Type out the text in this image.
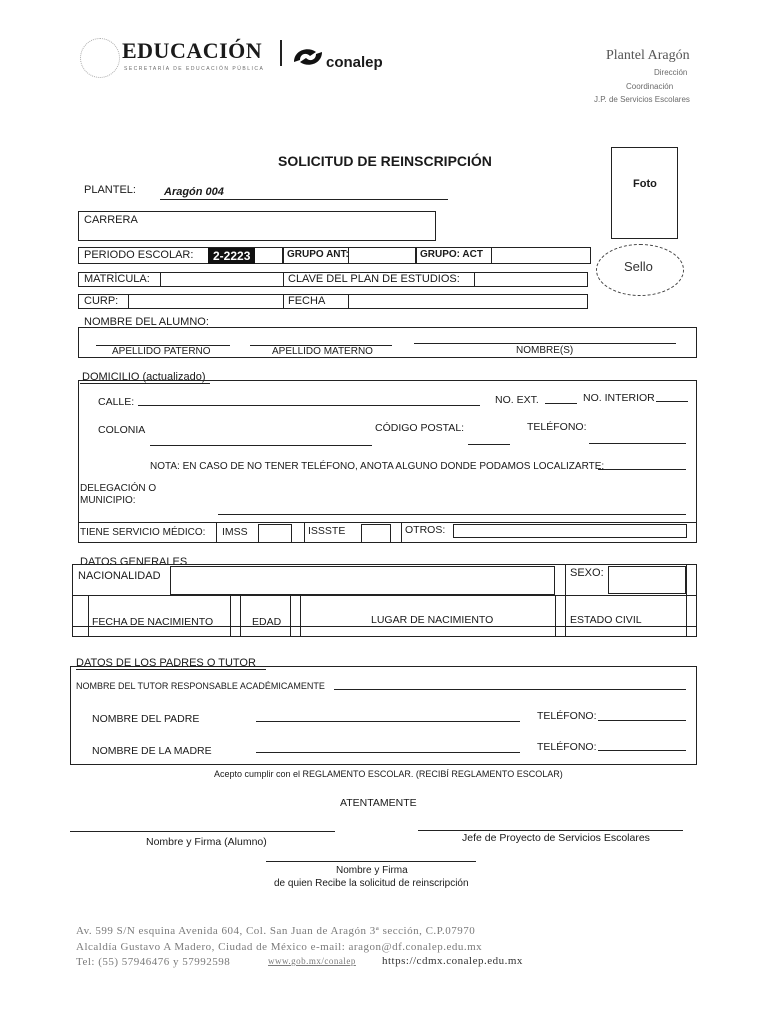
EDUCACIÓN
SECRETARÍA DE EDUCACIÓN PÚBLICA	conalep	Plantel Aragón
Dirección
Coordinación
J.P. de Servicios Escolares
SOLICITUD DE REINSCRIPCIÓN
Foto
PLANTEL:	Aragón 004
CARRERA
PERIODO ESCOLAR:	2-2223	GRUPO ANT:	GRUPO: ACT
Sello
MATRÍCULA:	CLAVE DEL PLAN DE ESTUDIOS:
CURP:	FECHA
NOMBRE DEL ALUMNO:
APELLIDO PATERNO	APELLIDO MATERNO	NOMBRE(S)
DOMICILIO (actualizado)
CALLE:	NO. EXT.	NO. INTERIOR
COLONIA	CÓDIGO POSTAL:	TELÉFONO:
NOTA: EN CASO DE NO TENER TELÉFONO, ANOTA ALGUNO DONDE PODAMOS LOCALIZARTE:
DELEGACIÓN O
MUNICIPIO:
TIENE SERVICIO MÉDICO: IMSS	ISSSTE	OTROS:
DATOS GENERALES
NACIONALIDAD	SEXO:
FECHA DE NACIMIENTO	EDAD	LUGAR DE NACIMIENTO	ESTADO CIVIL
DATOS DE LOS PADRES O TUTOR
NOMBRE DEL TUTOR RESPONSABLE ACADÉMICAMENTE
NOMBRE DEL PADRE	TELÉFONO:
NOMBRE DE LA MADRE	TELÉFONO:
Acepto cumplir con el REGLAMENTO ESCOLAR. (RECIBÍ REGLAMENTO ESCOLAR)
ATENTAMENTE
Nombre y Firma (Alumno)	Jefe de Proyecto de Servicios Escolares
Nombre y Firma
de quien Recibe la solicitud de reinscripción
Av. 599 S/N esquina Avenida 604, Col. San Juan de Aragón 3ª sección, C.P.07970
Alcaldía Gustavo A Madero, Ciudad de México e-mail: aragon@df.conalep.edu.mx
Tel: (55) 57946476 y 57992598	www.gob.mx/conalep https://cdmx.conalep.edu.mx
